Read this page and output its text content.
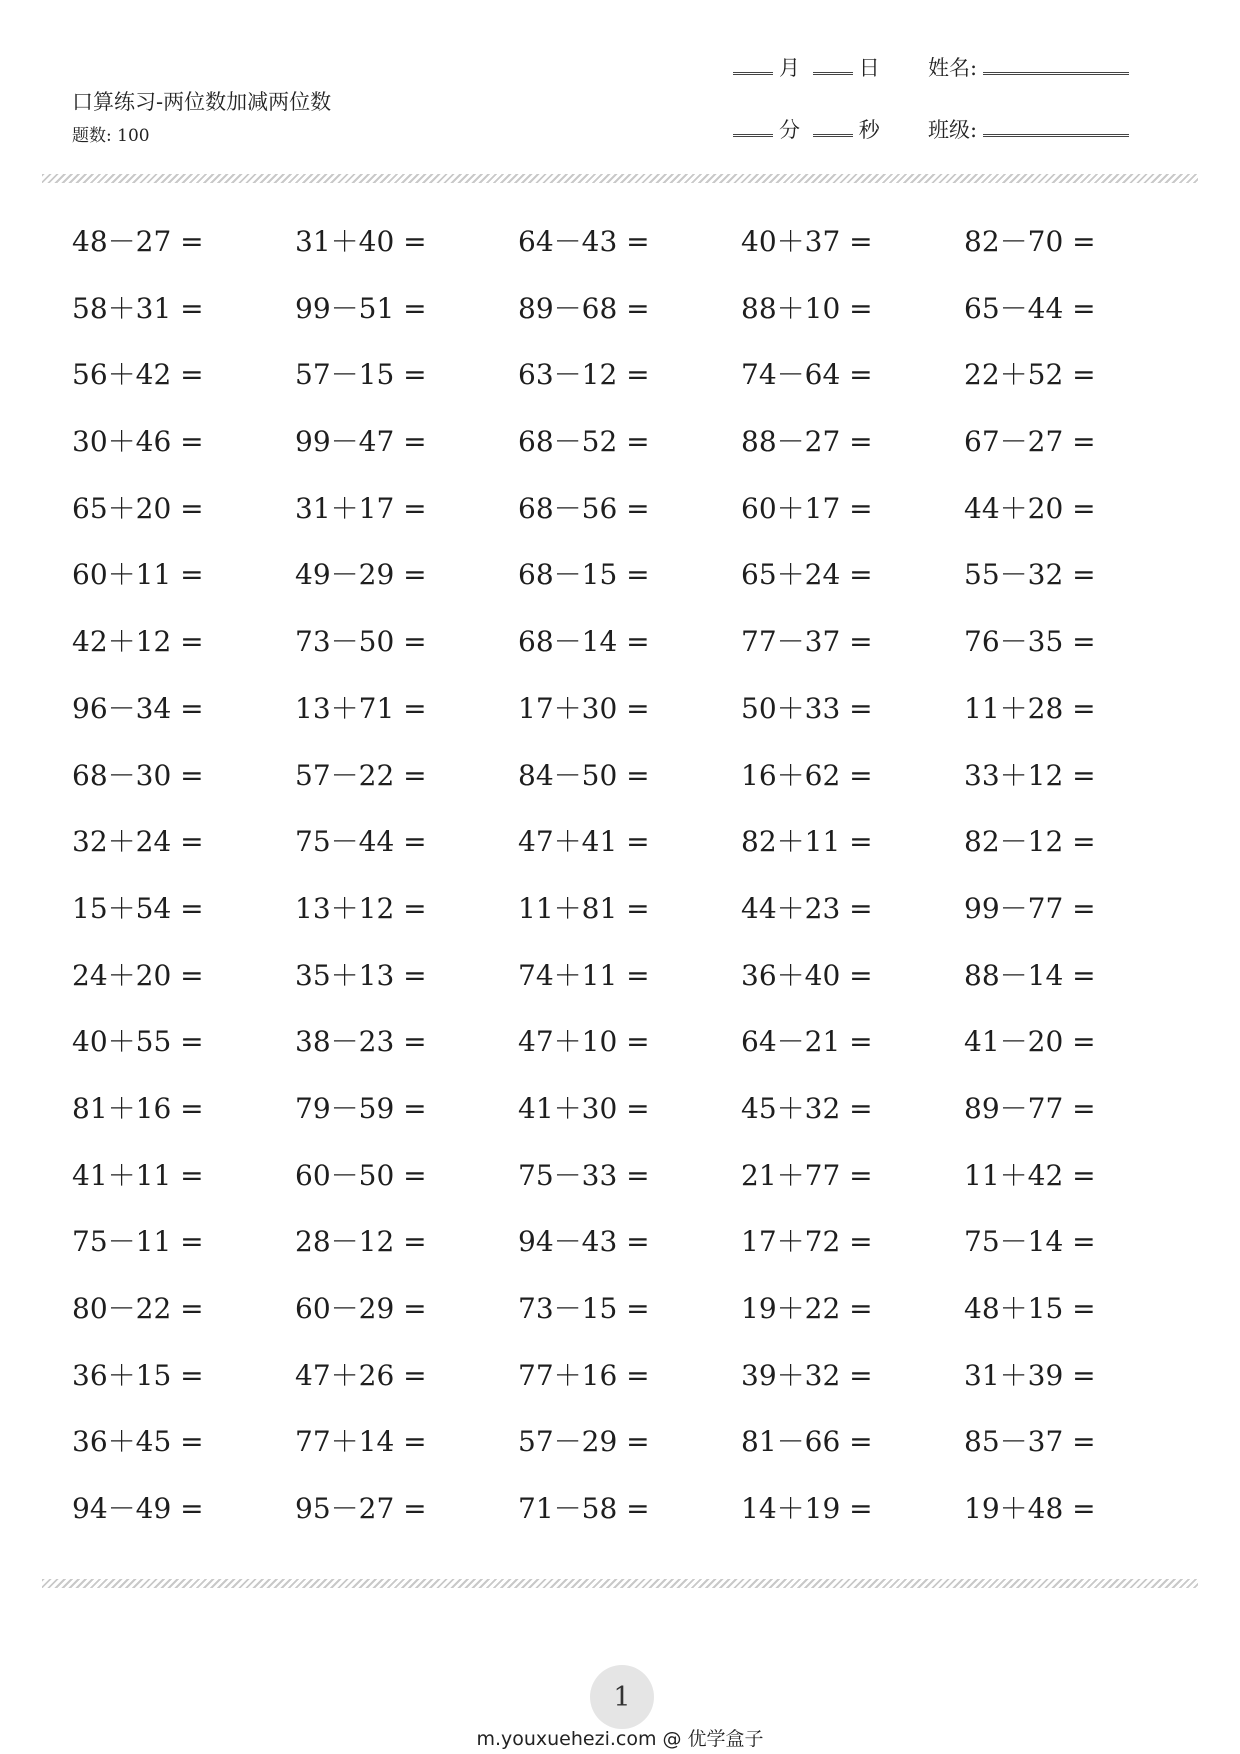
口算练习-两位数加减两位数
题数: 100
月	日 姓名:
分	秒 班级:
48－27 =	31＋40 =	64－43 =	40＋37 =	82－70 =
58＋31 =	99－51 =	89－68 =	88＋10 =	65－44 =
56＋42 =	57－15 =	63－12 =	74－64 =	22＋52 =
30＋46 =	99－47 =	68－52 =	88－27 =	67－27 =
65＋20 =	31＋17 =	68－56 =	60＋17 =	44＋20 =
60＋11 =	49－29 =	68－15 =	65＋24 =	55－32 =
42＋12 =	73－50 =	68－14 =	77－37 =	76－35 =
96－34 =	13＋71 =	17＋30 =	50＋33 =	11＋28 =
68－30 =	57－22 =	84－50 =	16＋62 =	33＋12 =
32＋24 =	75－44 =	47＋41 =	82＋11 =	82－12 =
15＋54 =	13＋12 =	11＋81 =	44＋23 =	99－77 =
24＋20 =	35＋13 =	74＋11 =	36＋40 =	88－14 =
40＋55 =	38－23 =	47＋10 =	64－21 =	41－20 =
81＋16 =	79－59 =	41＋30 =	45＋32 =	89－77 =
41＋11 =	60－50 =	75－33 =	21＋77 =	11＋42 =
75－11 =	28－12 =	94－43 =	17＋72 =	75－14 =
80－22 =	60－29 =	73－15 =	19＋22 =	48＋15 =
36＋15 =	47＋26 =	77＋16 =	39＋32 =	31＋39 =
36＋45 =	77＋14 =	57－29 =	81－66 =	85－37 =
94－49 =	95－27 =	71－58 =	14＋19 =	19＋48 =
1
m.youxuehezi.com @ 优学盒子
